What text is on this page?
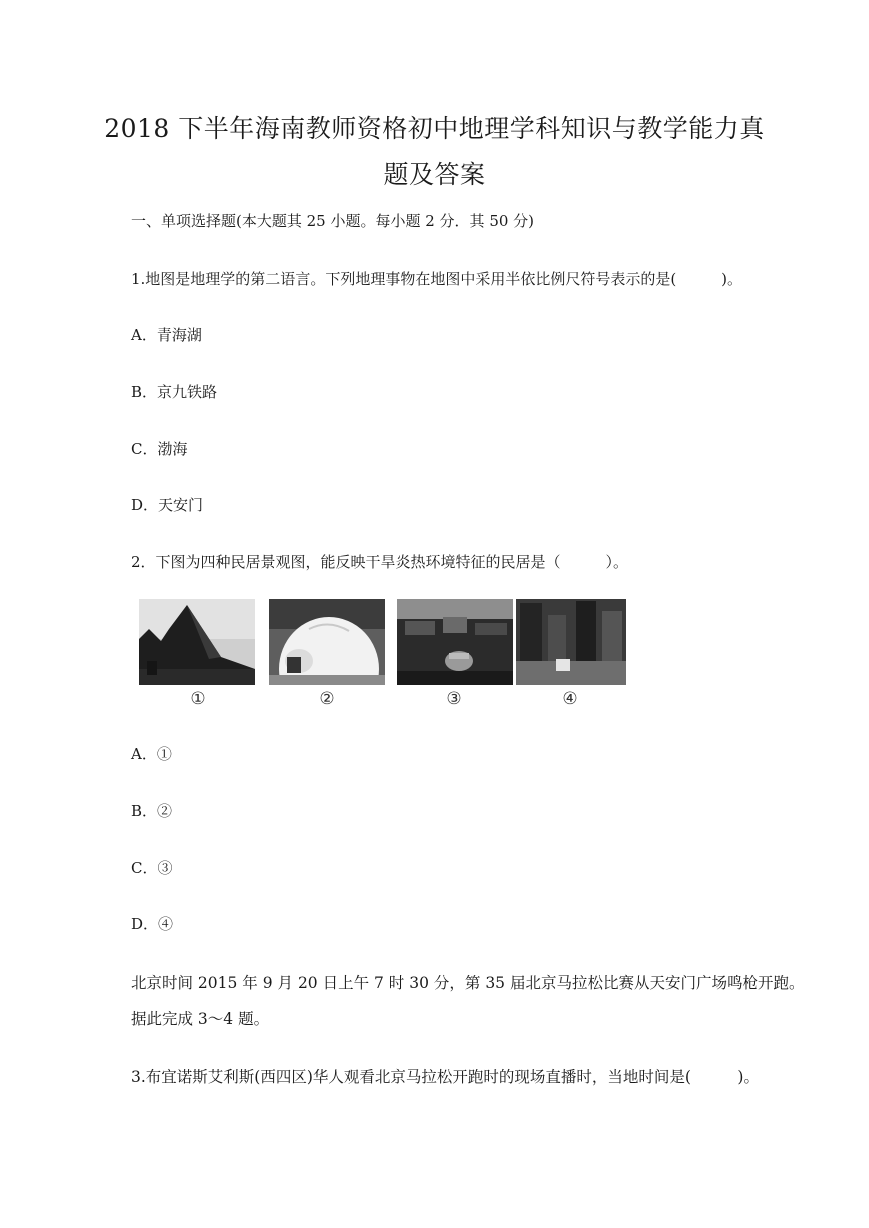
2018 下半年海南教师资格初中地理学科知识与教学能力真
题及答案
一、单项选择题(本大题其 25 小题。每小题 2 分．其 50 分)
1.地图是地理学的第二语言。下列地理事物在地图中采用半依比例尺符号表示的是(　　　)。
A．青海湖
B．京九铁路
C．渤海
D．天安门
2．下图为四种民居景观图，能反映干旱炎热环境特征的民居是（　　　）。
①	②	③	④
A．①
B．②
C．③
D．④
北京时间 2015 年 9 月 20 日上午 7 时 30 分，第 35 届北京马拉松比赛从天安门广场鸣枪开跑。
据此完成 3～4 题。
3.布宜诺斯艾利斯(西四区)华人观看北京马拉松开跑时的现场直播时，当地时间是(　　　)。
